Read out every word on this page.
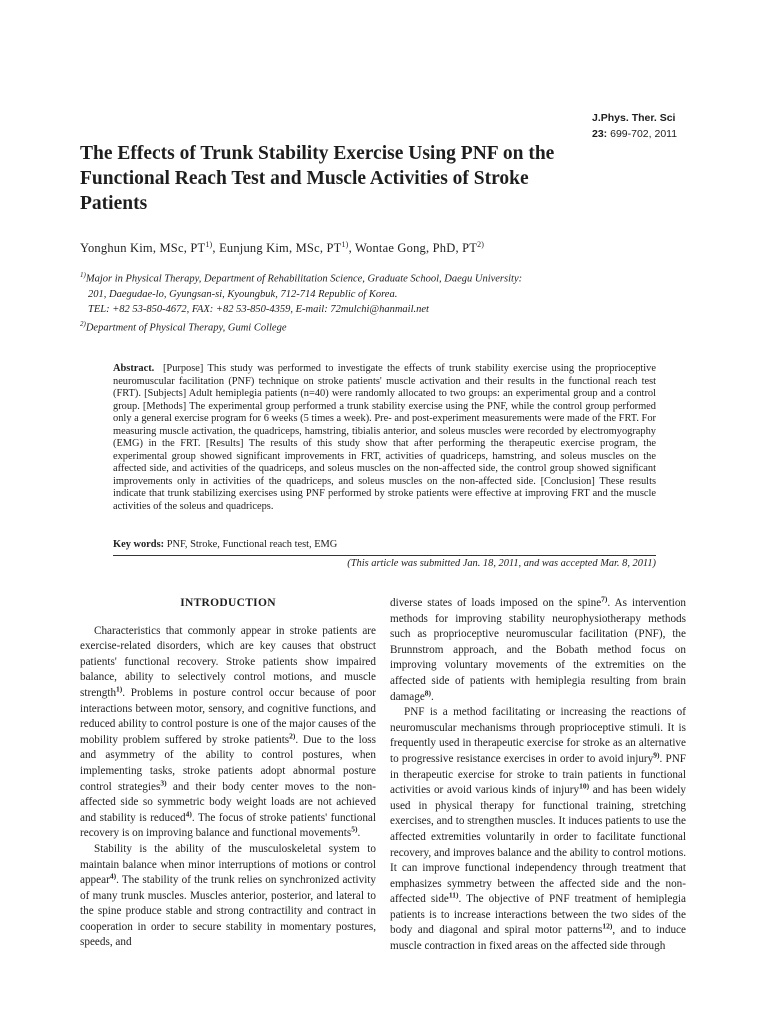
J.Phys. Ther. Sci
23: 699-702, 2011
The Effects of Trunk Stability Exercise Using PNF on the Functional Reach Test and Muscle Activities of Stroke Patients
Yonghun Kim, MSc, PT$^{1)}$, Eunjung Kim, MSc, PT$^{1)}$, Wontae Gong, PhD, PT$^{2)}$
$^{1)}$Major in Physical Therapy, Department of Rehabilitation Science, Graduate School, Daegu University:
201, Daegudae-lo, Gyungsan-si, Kyoungbuk, 712-714 Republic of Korea.
TEL: +82 53-850-4672, FAX: +82 53-850-4359, E-mail: 72mulchi@hanmail.net
$^{2)}$Department of Physical Therapy, Gumi College
Abstract. [Purpose] This study was performed to investigate the effects of trunk stability exercise using the proprioceptive neuromuscular facilitation (PNF) technique on stroke patients' muscle activation and their results in the functional reach test (FRT). [Subjects] Adult hemiplegia patients (n=40) were randomly allocated to two groups: an experimental group and a control group. [Methods] The experimental group performed a trunk stability exercise using the PNF, while the control group performed only a general exercise program for 6 weeks (5 times a week). Pre- and post-experiment measurements were made of the FRT. For measuring muscle activation, the quadriceps, hamstring, tibialis anterior, and soleus muscles were recorded by electromyography (EMG) in the FRT. [Results] The results of this study show that after performing the therapeutic exercise program, the experimental group showed significant improvements in FRT, activities of quadriceps, hamstring, and soleus muscles on the affected side, and activities of the quadriceps, and soleus muscles on the non-affected side, the control group showed significant improvements only in activities of the quadriceps, and soleus muscles on the non-affected side. [Conclusion] These results indicate that trunk stabilizing exercises using PNF performed by stroke patients were effective at improving FRT and the muscle activities of the soleus and quadriceps.
Key words: PNF, Stroke, Functional reach test, EMG
(This article was submitted Jan. 18, 2011, and was accepted Mar. 8, 2011)
INTRODUCTION

Characteristics that commonly appear in stroke patients are exercise-related disorders, which are key causes that obstruct patients' functional recovery. Stroke patients show impaired balance, ability to selectively control motions, and muscle strength$^{1)}$. Problems in posture control occur because of poor interactions between motor, sensory, and cognitive functions, and reduced ability to control posture is one of the major causes of the mobility problem suffered by stroke patients$^{2)}$. Due to the loss and asymmetry of the ability to control postures, when implementing tasks, stroke patients adopt abnormal posture control strategies$^{3)}$ and their body center moves to the non-affected side so symmetric body weight loads are not achieved and stability is reduced$^{4)}$. The focus of stroke patients' functional recovery is on improving balance and functional movements$^{5)}$.

Stability is the ability of the musculoskeletal system to maintain balance when minor interruptions of motions or control appear$^{4)}$. The stability of the trunk relies on synchronized activity of many trunk muscles. Muscles anterior, posterior, and lateral to the spine produce stable and strong contractility and contract in cooperation in order to secure stability in momentary postures, speeds, and

diverse states of loads imposed on the spine$^{7)}$. As intervention methods for improving stability neurophysiotherapy methods such as proprioceptive neuromuscular facilitation (PNF), the Brunnstrom approach, and the Bobath method focus on improving voluntary movements of the extremities on the affected side of patients with hemiplegia resulting from brain damage$^{8)}$.

PNF is a method facilitating or increasing the reactions of neuromuscular mechanisms through proprioceptive stimuli. It is frequently used in therapeutic exercise for stroke as an alternative to progressive resistance exercises in order to avoid injury$^{9)}$. PNF in therapeutic exercise for stroke to train patients in functional activities or avoid various kinds of injury$^{10)}$ and has been widely used in physical therapy for functional training, stretching exercises, and to strengthen muscles. It induces patients to use the affected extremities voluntarily in order to facilitate functional recovery, and improves balance and the ability to control motions. It can improve functional independency through treatment that emphasizes symmetry between the affected side and the non-affected side$^{11)}$. The objective of PNF treatment of hemiplegia patients is to increase interactions between the two sides of the body and diagonal and spiral motor patterns$^{12)}$, and to induce muscle contraction in fixed areas on the affected side through
